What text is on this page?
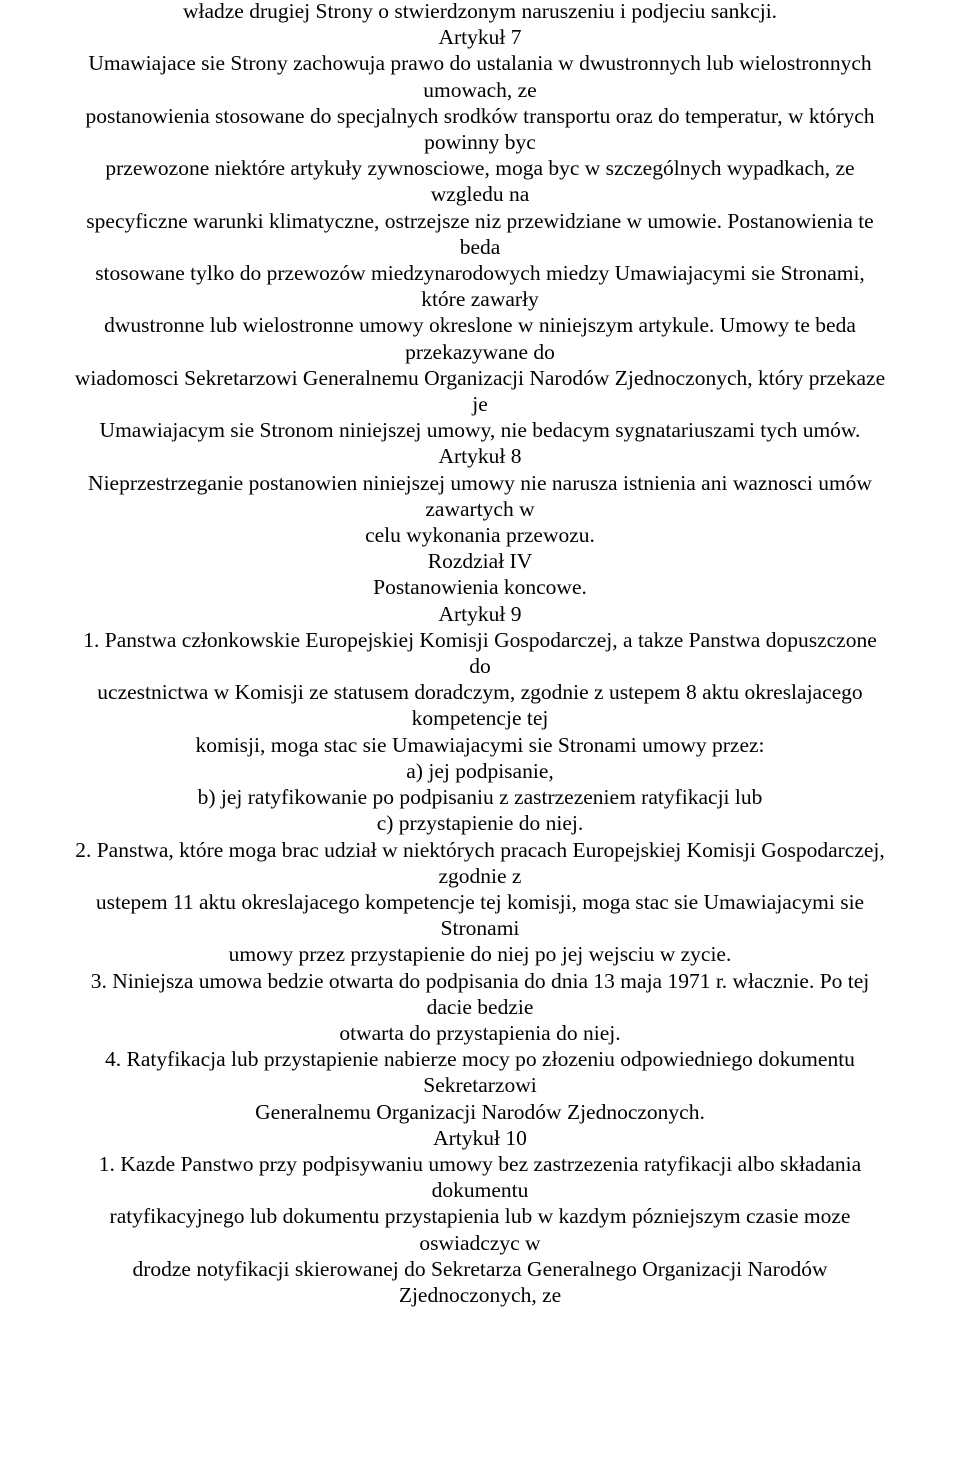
władze drugiej Strony o stwierdzonym naruszeniu i podjeciu sankcji.

Artykuł 7

Umawiajace sie Strony zachowuja prawo do ustalania w dwustronnych lub wielostronnych

umowach, ze

postanowienia stosowane do specjalnych srodków transportu oraz do temperatur, w których

powinny byc

przewozone niektóre artykuły zywnosciowe, moga byc w szczególnych wypadkach, ze

wzgledu na

specyficzne warunki klimatyczne, ostrzejsze niz przewidziane w umowie. Postanowienia te

beda

stosowane tylko do przewozów miedzynarodowych miedzy Umawiajacymi sie Stronami,

które zawarły

dwustronne lub wielostronne umowy okreslone w niniejszym artykule. Umowy te beda

przekazywane do

wiadomosci Sekretarzowi Generalnemu Organizacji Narodów Zjednoczonych, który przekaze

je

Umawiajacym sie Stronom niniejszej umowy, nie bedacym sygnatariuszami tych umów.

Artykuł 8

Nieprzestrzeganie postanowien niniejszej umowy nie narusza istnienia ani waznosci umów

zawartych w

celu wykonania przewozu.

Rozdział IV

Postanowienia koncowe.

Artykuł 9

1. Panstwa członkowskie Europejskiej Komisji Gospodarczej, a takze Panstwa dopuszczone

do

uczestnictwa w Komisji ze statusem doradczym, zgodnie z ustepem 8 aktu okreslajacego

kompetencje tej

komisji, moga stac sie Umawiajacymi sie Stronami umowy przez:

a) jej podpisanie,

b) jej ratyfikowanie po podpisaniu z zastrzezeniem ratyfikacji lub

c) przystapienie do niej.

2. Panstwa, które moga brac udział w niektórych pracach Europejskiej Komisji Gospodarczej,

zgodnie z

ustepem 11 aktu okreslajacego kompetencje tej komisji, moga stac sie Umawiajacymi sie

Stronami

umowy przez przystapienie do niej po jej wejsciu w zycie.

3. Niniejsza umowa bedzie otwarta do podpisania do dnia 13 maja 1971 r. włacznie. Po tej

dacie bedzie

otwarta do przystapienia do niej.

4. Ratyfikacja lub przystapienie nabierze mocy po złozeniu odpowiedniego dokumentu

Sekretarzowi

Generalnemu Organizacji Narodów Zjednoczonych.

Artykuł 10

1. Kazde Panstwo przy podpisywaniu umowy bez zastrzezenia ratyfikacji albo składania

dokumentu

ratyfikacyjnego lub dokumentu przystapienia lub w kazdym pózniejszym czasie moze

oswiadczyc w

drodze notyfikacji skierowanej do Sekretarza Generalnego Organizacji Narodów

Zjednoczonych, ze
